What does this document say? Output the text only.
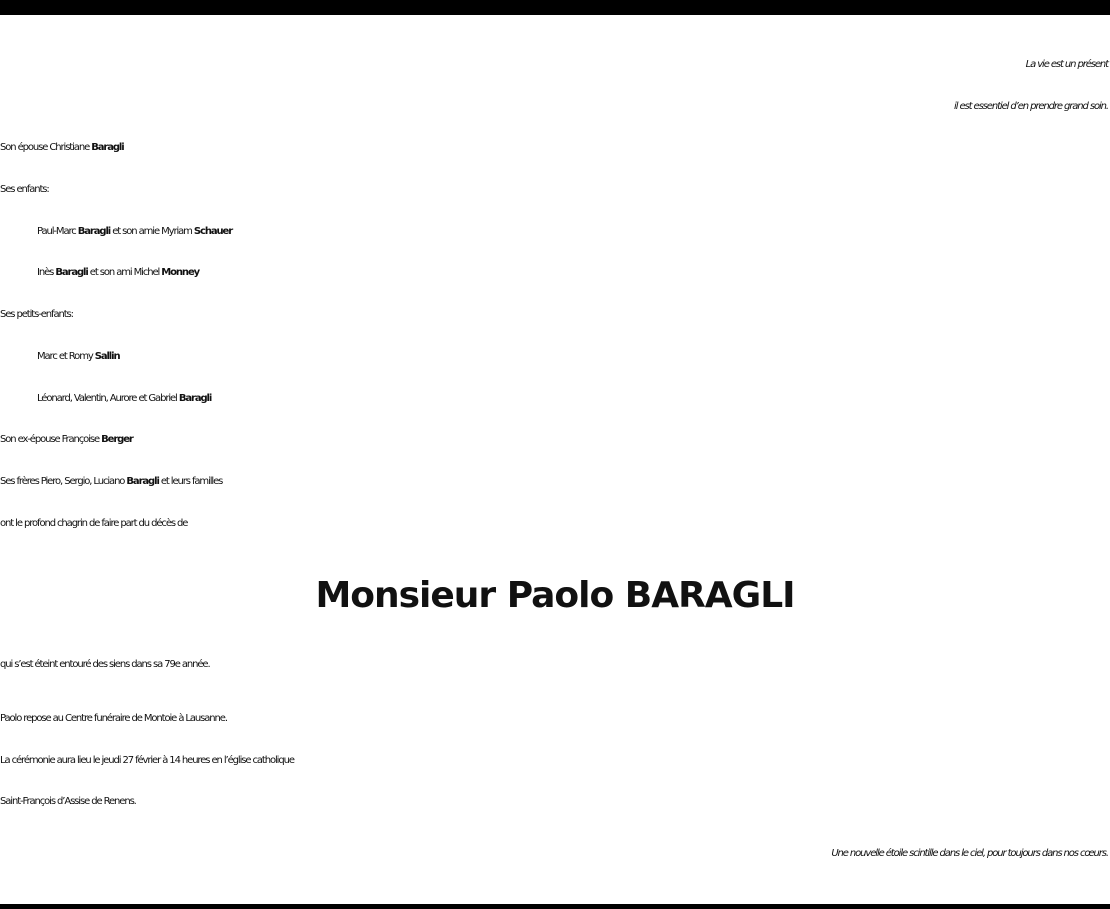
La vie est un présent
il est essentiel d’en prendre grand soin.
Son épouse Christiane Baragli
Ses enfants:
Paul-Marc Baragli et son amie Myriam Schauer
Inès Baragli et son ami Michel Monney
Ses petits-enfants:
Marc et Romy Sallin
Léonard, Valentin, Aurore et Gabriel Baragli
Son ex-épouse Françoise Berger
Ses frères Piero, Sergio, Luciano Baragli et leurs familles
ont le profond chagrin de faire part du décès de
Monsieur Paolo BARAGLI
qui s’est éteint entouré des siens dans sa 79e année.
Paolo repose au Centre funéraire de Montoie à Lausanne.
La cérémonie aura lieu le jeudi 27 février à 14 heures en l’église catholique
Saint-François d’Assise de Renens.
Une nouvelle étoile scintille dans le ciel, pour toujours dans nos cœurs.
